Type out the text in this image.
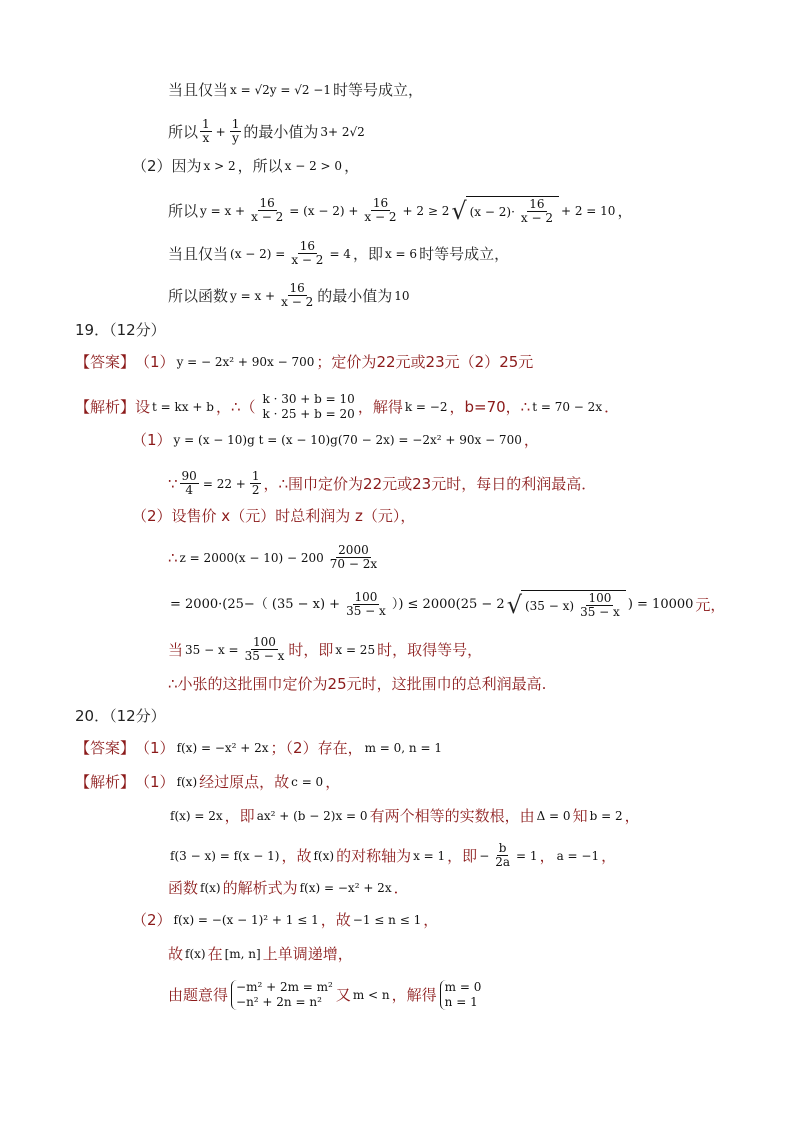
当且仅当 x = √2y = √2 −1 时等号成立，
所以 $\frac{1}{x} + \frac{1}{y}$ 的最小值为 3+ 2√2
（2）因为 x > 2 ，所以 x − 2 > 0 ，
所以 $y = x + \frac{16}{x - 2} = (x - 2) + \frac{16}{x - 2} + 2 \ge 2$ √ $(x - 2)\cdot \frac{16}{x - 2} + 2 = 10$ ，
当且仅当 $(x - 2) = \frac{16}{x - 2} = 4$ ，即 x = 6 时等号成立，
所以函数 $y = x + \frac{16}{x - 2}$ 的最小值为 10
19．（12分）
【答案】 （1） y = − 2x² + 90x − 700 ；定价为 22 元或 23 元（2） 25 元
【解析】 设 t = kx + b ，∴（ k · 30 + b = 10
k · 25 + b = 20 ，解得 k = −2 ，b=70，∴ t = 70 − 2x ．
（1） y = (x − 10)g t = (x − 10)g(70 − 2x) = −2x² + 90x − 700 ，
∵ $\frac{90}{4} = 22 + \frac{1}{2}$ ，∴围巾定价为 22 元或 23 元时，每日的利润最高．
（2）设售价 x（元）时总利润为 z（元），
∴ $z = 2000(x - 10) - 200 \frac{2000}{70 - 2x}$
= 2000·(25−（ $(35 - x) + \frac{100}{35 - x}$ ）) ≤ 2000(25 − 2 √ $(35 - x) \frac{100}{35 - x}$ ) = 10000 元，
当 $35 - x = \frac{100}{35 - x}$ 时，即 x = 25 时，取得等号，
∴小张的这批围巾定价为 25 元时，这批围巾的总利润最高.
20．（12分）
【答案】 （1） f(x) = −x² + 2x ；（2）存在， m = 0, n = 1
【解析】 （1） f(x) 经过原点，故 c = 0 ，
f(x) = 2x ，即 ax² + (b − 2)x = 0 有两个相等的实数根，由 Δ = 0 知 b = 2 ，
f(3 − x) = f(x − 1) ，故 f(x) 的对称轴为 x = 1 ，即 − $\frac{b}{2a} = 1$ ， a = −1 ，
函数 f(x) 的解析式为 f(x) = −x² + 2x ．
（2） f(x) = −(x − 1)² + 1 ≤ 1 ，故 −1 ≤ n ≤ 1 ，
故 f(x) 在 [m, n] 上单调递增，
由题意得 −m² + 2m = m²
−n² + 2n = n² 又 m < n ，解得 m = 0
n = 1
